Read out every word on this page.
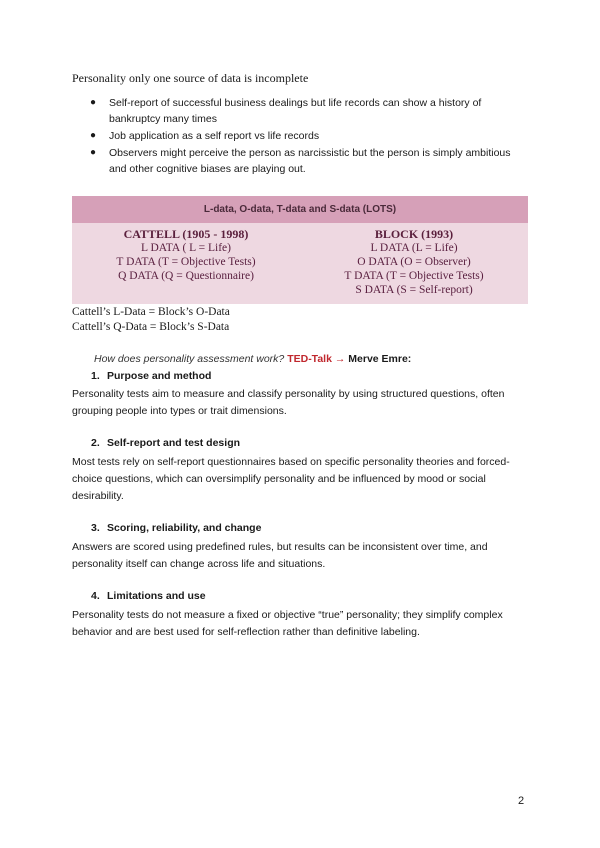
Personality only one source of data is incomplete
● Self-report of successful business dealings but life records can show a history of bankruptcy many times
● Job application as a self report vs life records
● Observers might perceive the person as narcissistic but the person is simply ambitious and other cognitive biases are playing out.
L-data, O-data, T-data and S-data (LOTS)
CATTELL (1905 - 1998)
L DATA ( L = Life)
T DATA (T = Objective Tests)
Q DATA (Q = Questionnaire)
BLOCK (1993)
L DATA (L = Life)
O DATA (O = Observer)
T DATA (T = Objective Tests)
S DATA (S = Self-report)
Cattell’s L-Data = Block’s O-Data
Cattell’s Q-Data = Block’s S-Data
How does personality assessment work? TED-Talk → Merve Emre:
1. Purpose and method
Personality tests aim to measure and classify personality by using structured questions, often grouping people into types or trait dimensions.
2. Self-report and test design
Most tests rely on self-report questionnaires based on specific personality theories and forced-choice questions, which can oversimplify personality and be influenced by mood or social desirability.
3. Scoring, reliability, and change
Answers are scored using predefined rules, but results can be inconsistent over time, and personality itself can change across life and situations.
4. Limitations and use
Personality tests do not measure a fixed or objective “true” personality; they simplify complex behavior and are best used for self-reflection rather than definitive labeling.
2
